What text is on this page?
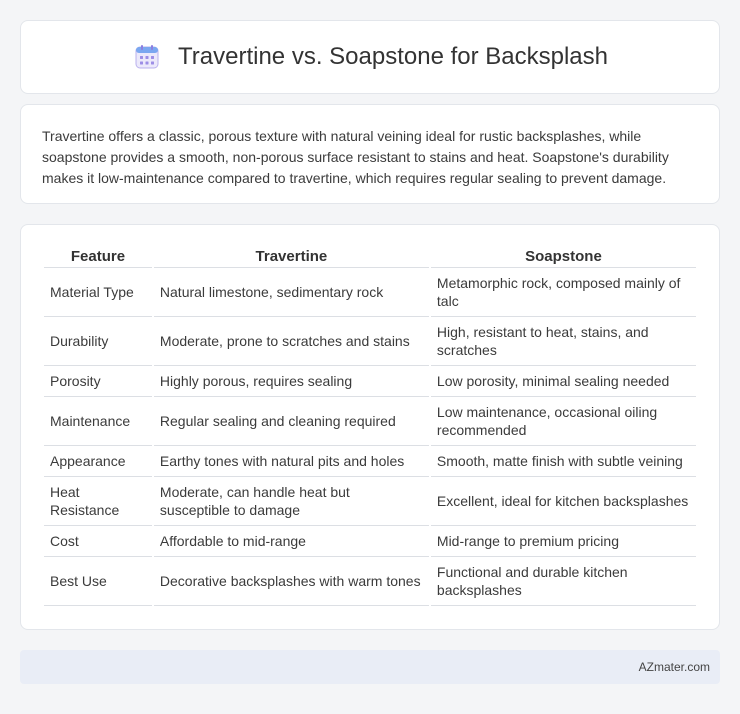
Travertine vs. Soapstone for Backsplash

Travertine offers a classic, porous texture with natural veining ideal for rustic backsplashes, while soapstone provides a smooth, non-porous surface resistant to stains and heat. Soapstone's durability makes it low-maintenance compared to travertine, which requires regular sealing to prevent damage.

Feature	Travertine	Soapstone
Material Type	Natural limestone, sedimentary rock	Metamorphic rock, composed mainly of talc
Durability	Moderate, prone to scratches and stains	High, resistant to heat, stains, and scratches
Porosity	Highly porous, requires sealing	Low porosity, minimal sealing needed
Maintenance	Regular sealing and cleaning required	Low maintenance, occasional oiling recommended
Appearance	Earthy tones with natural pits and holes	Smooth, matte finish with subtle veining
Heat Resistance	Moderate, can handle heat but susceptible to damage	Excellent, ideal for kitchen backsplashes
Cost	Affordable to mid-range	Mid-range to premium pricing
Best Use	Decorative backsplashes with warm tones	Functional and durable kitchen backsplashes
AZmater.com
